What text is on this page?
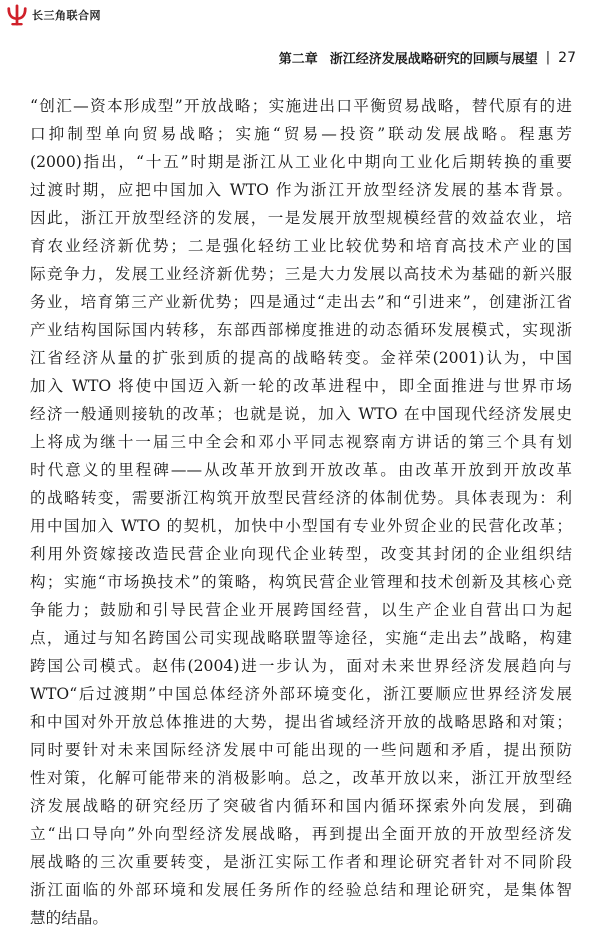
长三角联合网
第二章 浙江经济发展战略研究的回顾与展望 | 27
“创汇—资本形成型”开放战略；实施进出口平衡贸易战略，替代原有的进
口抑制型单向贸易战略；实施“贸易—投资”联动发展战略。程惠芳
(2000)指出，“十五”时期是浙江从工业化中期向工业化后期转换的重要
过渡时期，应把中国加入 WTO 作为浙江开放型经济发展的基本背景。
因此，浙江开放型经济的发展，一是发展开放型规模经营的效益农业，培
育农业经济新优势；二是强化轻纺工业比较优势和培育高技术产业的国
际竞争力，发展工业经济新优势；三是大力发展以高技术为基础的新兴服
务业，培育第三产业新优势；四是通过“走出去”和“引进来”，创建浙江省
产业结构国际国内转移，东部西部梯度推进的动态循环发展模式，实现浙
江省经济从量的扩张到质的提高的战略转变。金祥荣(2001)认为，中国
加入 WTO 将使中国迈入新一轮的改革进程中，即全面推进与世界市场
经济一般通则接轨的改革；也就是说，加入 WTO 在中国现代经济发展史
上将成为继十一届三中全会和邓小平同志视察南方讲话的第三个具有划
时代意义的里程碑——从改革开放到开放改革。由改革开放到开放改革
的战略转变，需要浙江构筑开放型民营经济的体制优势。具体表现为：利
用中国加入 WTO 的契机，加快中小型国有专业外贸企业的民营化改革；
利用外资嫁接改造民营企业向现代企业转型，改变其封闭的企业组织结
构；实施“市场换技术”的策略，构筑民营企业管理和技术创新及其核心竞
争能力；鼓励和引导民营企业开展跨国经营，以生产企业自营出口为起
点，通过与知名跨国公司实现战略联盟等途径，实施“走出去”战略，构建
跨国公司模式。赵伟(2004)进一步认为，面对未来世界经济发展趋向与
WTO“后过渡期”中国总体经济外部环境变化，浙江要顺应世界经济发展
和中国对外开放总体推进的大势，提出省域经济开放的战略思路和对策；
同时要针对未来国际经济发展中可能出现的一些问题和矛盾，提出预防
性对策，化解可能带来的消极影响。总之，改革开放以来，浙江开放型经
济发展战略的研究经历了突破省内循环和国内循环探索外向发展，到确
立“出口导向”外向型经济发展战略，再到提出全面开放的开放型经济发
展战略的三次重要转变，是浙江实际工作者和理论研究者针对不同阶段
浙江面临的外部环境和发展任务所作的经验总结和理论研究，是集体智
慧的结晶。
